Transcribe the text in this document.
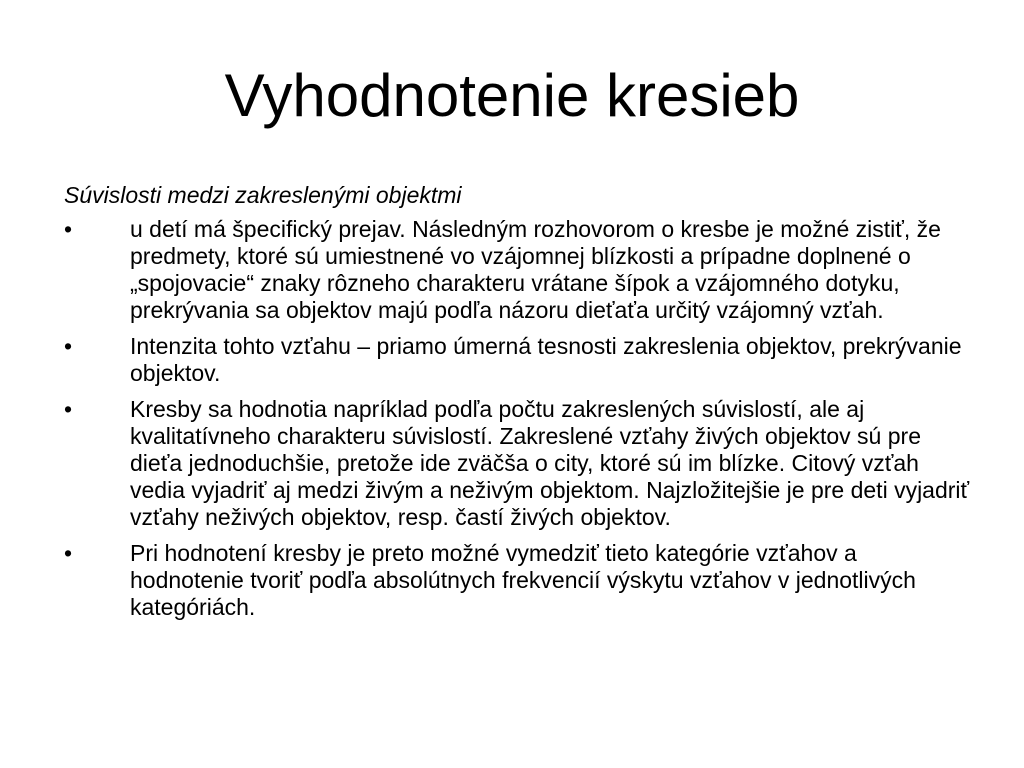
Vyhodnotenie kresieb

Súvislosti medzi zakreslenými objektmi

•	u detí má špecifický prejav. Následným rozhovorom o kresbe je možné zistiť, že predmety, ktoré sú umiestnené vo vzájomnej blízkosti a prípadne doplnené o „spojovacie“ znaky rôzneho charakteru vrátane šípok a vzájomného dotyku, prekrývania sa objektov majú podľa názoru dieťaťa určitý vzájomný vzťah.
•	Intenzita tohto vzťahu – priamo úmerná tesnosti zakreslenia objektov, prekrývanie objektov.
•	Kresby sa hodnotia napríklad podľa počtu zakreslených súvislostí, ale aj kvalitatívneho charakteru súvislostí. Zakreslené vzťahy živých objektov sú pre dieťa jednoduchšie, pretože ide zväčša o city, ktoré sú im blízke. Citový vzťah vedia vyjadriť aj medzi živým a neživým objektom. Najzložitejšie je pre deti vyjadriť vzťahy neživých objektov, resp. častí živých objektov.
•	Pri hodnotení kresby je preto možné vymedziť tieto kategórie vzťahov a hodnotenie tvoriť podľa absolútnych frekvencií výskytu vzťahov v jednotlivých kategóriách.
